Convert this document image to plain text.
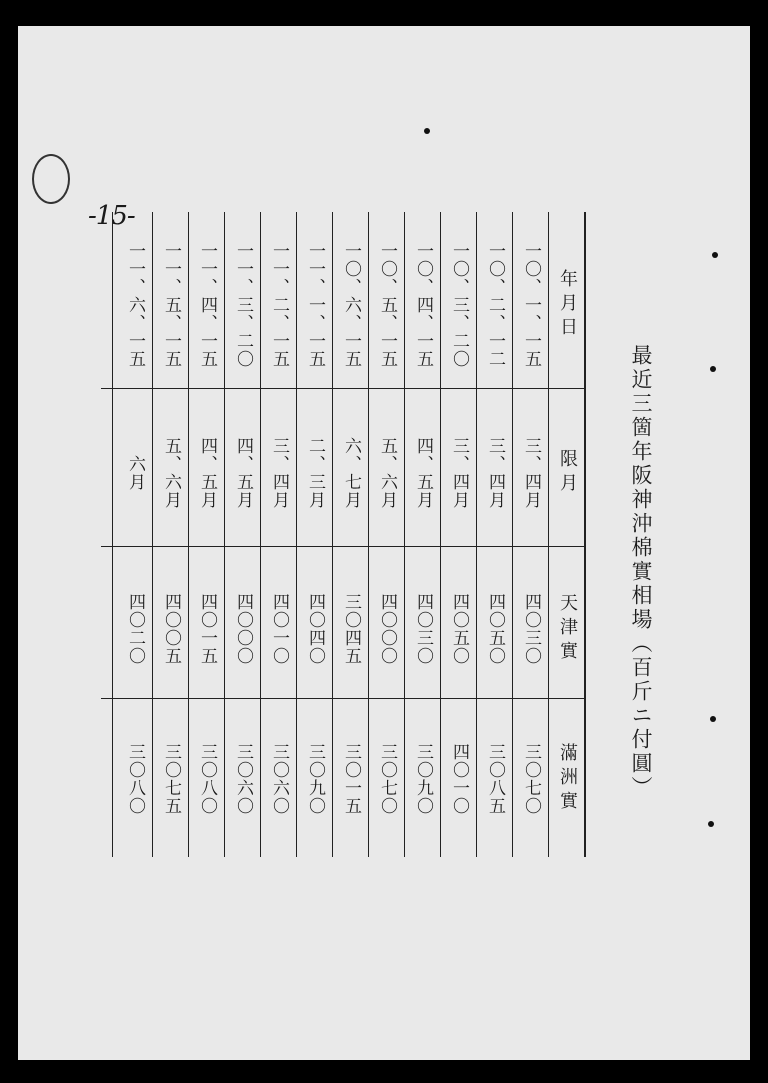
-15-
最近三箇年阪神沖棉實相場（百斤ニ付圓）
年月日
限月
天津實
滿洲實
一〇、一、一五
三、四月
四〇三〇
三〇七〇
一〇、二、一二
三、四月
四〇五〇
三〇八五
一〇、三、二〇
三、四月
四〇五〇
四〇一〇
一〇、四、一五
四、五月
四〇三〇
三〇九〇
一〇、五、一五
五、六月
四〇〇〇
三〇七〇
一〇、六、一五
六、七月
三〇四五
三〇一五
一一、一、一五
二、三月
四〇四〇
三〇九〇
一一、二、一五
三、四月
四〇一〇
三〇六〇
一一、三、二〇
四、五月
四〇〇〇
三〇六〇
一一、四、一五
四、五月
四〇一五
三〇八〇
一一、五、一五
五、六月
四〇〇五
三〇七五
一一、六、一五
六月
四〇二〇
三〇八〇
